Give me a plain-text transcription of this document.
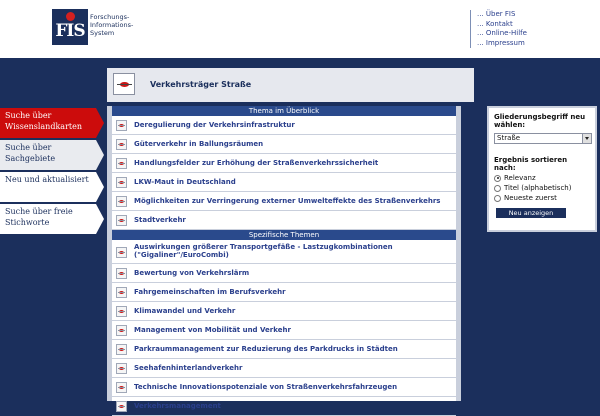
FIS
Forschungs-
Informations-
System
... Über FIS
... Kontakt
... Online-Hilfe
... Impressum
Suche über Wissenslandkarten
Suche über Sachgebiete
Neu und aktualisiert
Suche über freie Stichworte
Verkehrsträger Straße
Thema im Überblick
Deregulierung der Verkehrsinfrastruktur
Güterverkehr in Ballungsräumen
Handlungsfelder zur Erhöhung der Straßenverkehrssicherheit
LKW-Maut in Deutschland
Möglichkeiten zur Verringerung externer Umwelteffekte des Straßenverkehrs
Stadtverkehr
Spezifische Themen
Auswirkungen größerer Transportgefäße - Lastzugkombinationen ("Gigaliner"/EuroCombi)
Bewertung von Verkehrslärm
Fahrgemeinschaften im Berufsverkehr
Klimawandel und Verkehr
Management von Mobilität und Verkehr
Parkraummanagement zur Reduzierung des Parkdrucks in Städten
Seehafenhinterlandverkehr
Technische Innovationspotenziale von Straßenverkehrsfahrzeugen
Verkehrsmanagement
Gliederungsbegriff neu wählen:
Straße
Ergebnis sortieren nach:
Relevanz
Titel (alphabetisch)
Neueste zuerst
Neu anzeigen
